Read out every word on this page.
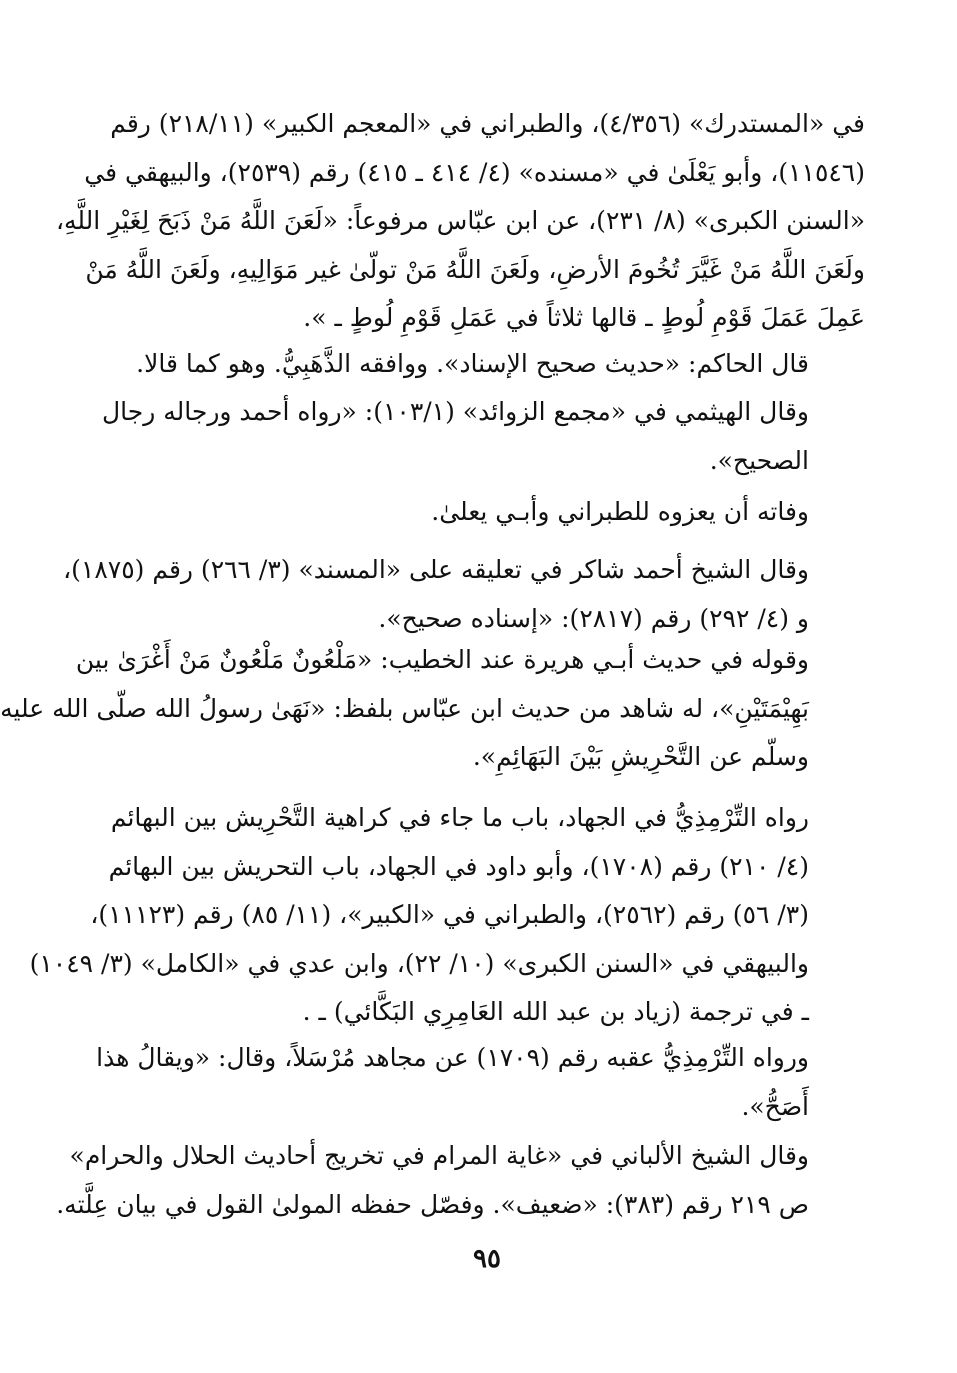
في «المستدرك» (٤/٣٥٦)، والطبراني في «المعجم الكبير» (٢١٨/١١) رقم
(١١٥٤٦)، وأبو يَعْلَىٰ في «مسنده» (٤/ ٤١٤ ـ ٤١٥) رقم (٢٥٣٩)، والبيهقي في
«السنن الكبرى» (٨/ ٢٣١)، عن ابن عبّاس مرفوعاً: «لَعَنَ اللَّهُ مَنْ ذَبَحَ لِغَيْرِ اللَّهِ،
ولَعَنَ اللَّهُ مَنْ غَيَّرَ تُخُومَ الأرضِ، ولَعَنَ اللَّهُ مَنْ تولّىٰ غير مَوَالِيهِ، ولَعَنَ اللَّهُ مَنْ
عَمِلَ عَمَلَ قَوْمِ لُوطٍ ـ قالها ثلاثاً في عَمَلِ قَوْمِ لُوطٍ ـ ».

قال الحاكم: «حديث صحيح الإسناد». ووافقه الذَّهَبِيُّ. وهو كما قالا.

وقال الهيثمي في «مجمع الزوائد» (١٠٣/١): «رواه أحمد ورجاله رجال
الصحيح».

وفاته أن يعزوه للطبراني وأبـي يعلىٰ.

وقال الشيخ أحمد شاكر في تعليقه على «المسند» (٣/ ٢٦٦) رقم (١٨٧٥)،
و (٤/ ٢٩٢) رقم (٢٨١٧): «إسناده صحيح».

وقوله في حديث أبـي هريرة عند الخطيب: «مَلْعُونٌ مَلْعُونٌ مَنْ أَغْرَىٰ بين
بَهِيْمَتَيْنِ»، له شاهد من حديث ابن عبّاس بلفظ: «نَهَىٰ رسولُ الله صلّى الله عليه
وسلّم عن التَّحْرِيشِ بَيْنَ البَهَائِمِ».

رواه التِّرْمِذِيُّ في الجهاد، باب ما جاء في كراهية التَّحْرِيش بين البهائم
(٤/ ٢١٠) رقم (١٧٠٨)، وأبو داود في الجهاد، باب التحريش بين البهائم
(٣/ ٥٦) رقم (٢٥٦٢)، والطبراني في «الكبير»، (١١/ ٨٥) رقم (١١١٢٣)،
والبيهقي في «السنن الكبرى» (١٠/ ٢٢)، وابن عدي في «الكامل» (٣/ ١٠٤٩)
ـ في ترجمة (زياد بن عبد الله العَامِرِي البَكَّائي) ـ .

ورواه التِّرْمِذِيُّ عقبه رقم (١٧٠٩) عن مجاهد مُرْسَلاً، وقال: «ويقالُ هذا
أَصَحُّ».

وقال الشيخ الألباني في «غاية المرام في تخريج أحاديث الحلال والحرام»
ص ٢١٩ رقم (٣٨٣): «ضعيف». وفصّل حفظه المولىٰ القول في بيان عِلَّته.

٩٥
